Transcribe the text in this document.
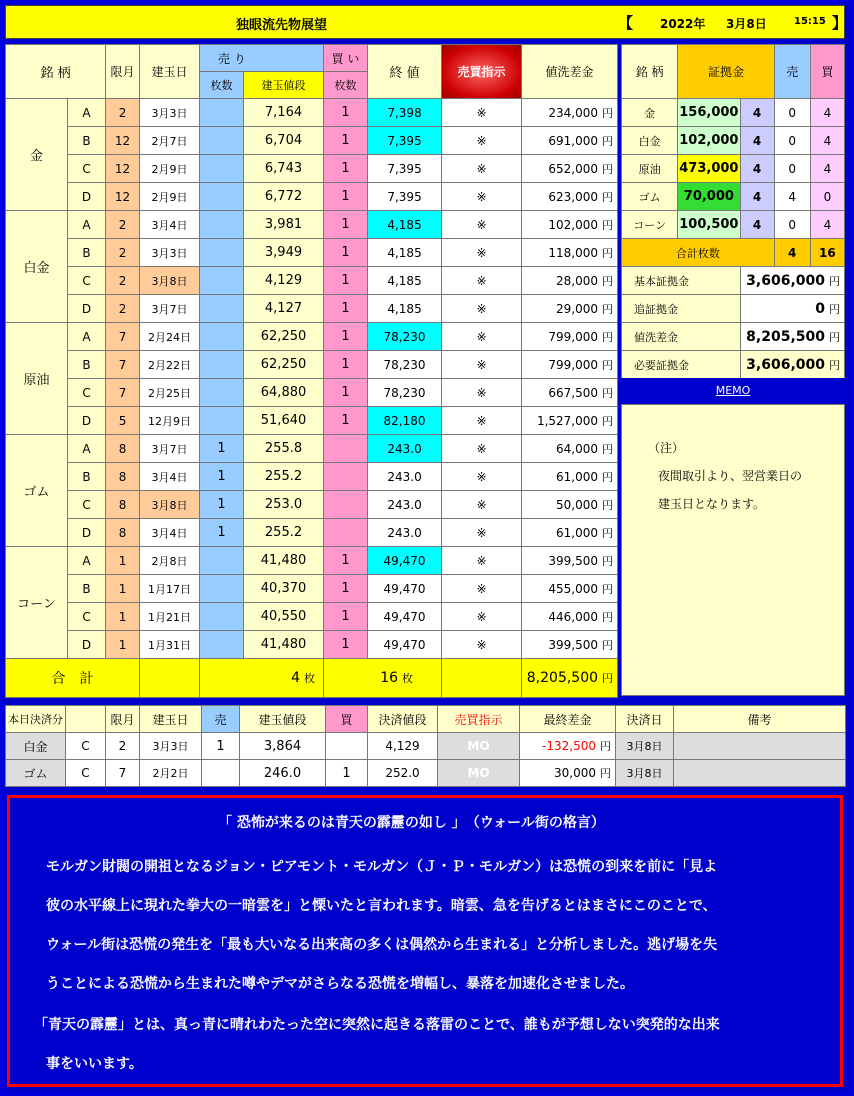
独眼流先物展望	【 2022年 3月8日	15:15 】
銘 柄		限月	建玉日	売 り		買 い	終 値	売買指示	値洗差金
				枚数	建玉値段	枚数			
金	A	2	3月3日		7,164	1	7,398	※	234,000 円
	B	12	2月7日		6,704	1	7,395	※	691,000 円
	C	12	2月9日		6,743	1	7,395	※	652,000 円
	D	12	2月9日		6,772	1	7,395	※	623,000 円
白金	A	2	3月4日		3,981	1	4,185	※	102,000 円
	B	2	3月3日		3,949	1	4,185	※	118,000 円
	C	2	3月8日		4,129	1	4,185	※	28,000 円
	D	2	3月7日		4,127	1	4,185	※	29,000 円
原油	A	7	2月24日		62,250	1	78,230	※	799,000 円
	B	7	2月22日		62,250	1	78,230	※	799,000 円
	C	7	2月25日		64,880	1	78,230	※	667,500 円
	D	5	12月9日		51,640	1	82,180	※	1,527,000 円
ゴム	A	8	3月7日	1	255.8		243.0	※	64,000 円
	B	8	3月4日	1	255.2		243.0	※	61,000 円
	C	8	3月8日	1	253.0		243.0	※	50,000 円
	D	8	3月4日	1	255.2		243.0	※	61,000 円
コーン	A	1	2月8日		41,480	1	49,470	※	399,500 円
	B	1	1月17日		40,370	1	49,470	※	455,000 円
	C	1	1月21日		40,550	1	49,470	※	446,000 円
	D	1	1月31日		41,480	1	49,470	※	399,500 円
合　計				4 枚		16 枚			8,205,500 円
銘 柄	証拠金		売	買
金	156,000	4	0	4
白金	102,000	4	0	4
原油	473,000	4	0	4
ゴム	70,000	4	4	0
コーン	100,500	4	0	4
合計枚数			4	16
基本証拠金		3,606,000 円		
追証拠金		0 円		
値洗差金		8,205,500 円		
必要証拠金		3,606,000 円		
MEMO
（注）
夜間取引より、翌営業日の
建玉日となります。
本日決済分		限月	建玉日	売	建玉値段	買	決済値段	売買指示	最終差金	決済日	備考
白金	C	2	3月3日	1	3,864		4,129	MO	-132,500 円	3月8日	
ゴム	C	7	2月2日		246.0	1	252.0	MO	30,000 円	3月8日	
「 恐怖が来るのは青天の霹靂の如し 」　（ウォール街の格言）
モルガン財閥の開祖となるジョン・ピアモント・モルガン（Ｊ・Ｐ・モルガン）は恐慌の到来を前に「見よ
彼の水平線上に現れた拳大の一暗雲を」と慄いたと言われます。暗雲、急を告げるとはまさにこのことで、
ウォール街は恐慌の発生を「最も大いなる出来高の多くは偶然から生まれる」と分析しました。逃げ場を失
うことによる恐慌から生まれた噂やデマがさらなる恐慌を増幅し、暴落を加速化させました。
「青天の霹靂」とは、真っ青に晴れわたった空に突然に起きる落雷のことで、誰もが予想しない突発的な出来
事をいいます。
